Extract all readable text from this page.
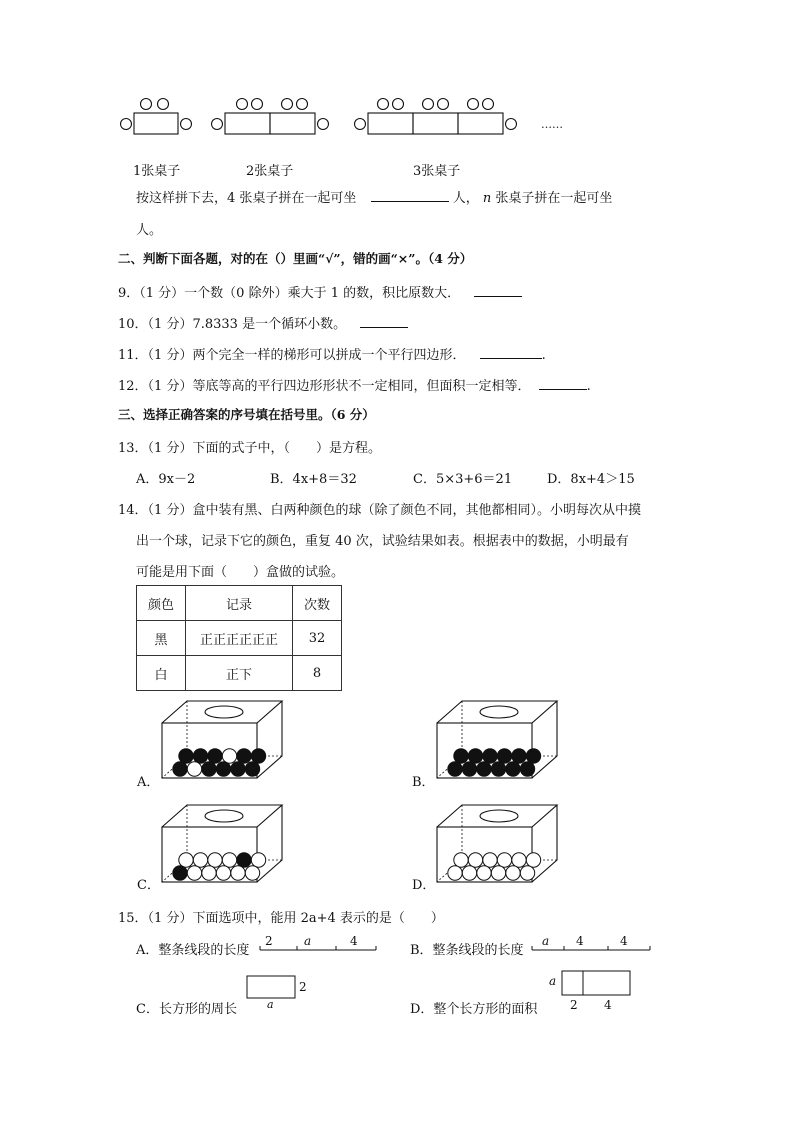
1张桌子	2张桌子	3张桌子
……
按这样拼下去，4 张桌子拼在一起可坐	人， n 张桌子拼在一起可坐
人。
二、判断下面各题，对的在（）里画“√”，错的画“×”。（4 分）
9．（1 分）一个数（0 除外）乘大于 1 的数，积比原数大．
10．（1 分）7.8333 是一个循环小数。
11．（1 分）两个完全一样的梯形可以拼成一个平行四边形．	.
12．（1 分）等底等高的平行四边形形状不一定相同，但面积一定相等．	.
三、选择正确答案的序号填在括号里。（6 分）
13．（1 分）下面的式子中，（　　）是方程。
A．9x－2	B．4x+8＝32	C．5×3+6＝21	D．8x+4＞15
14．（1 分）盒中装有黑、白两种颜色的球（除了颜色不同，其他都相同）。小明每次从中摸
出一个球，记录下它的颜色，重复 40 次，试验结果如表。根据表中的数据，小明最有
可能是用下面（　　）盒做的试验。
颜色	记录	次数
黑	正正正正正正	32
白	正下	8
A．	B．
C．	D．
15．（1 分）下面选项中，能用 2a+4 表示的是（　　）
A．整条线段的长度
2	a	4
B．整条线段的长度
a 4	4
C．长方形的周长
2
a	D．整个长方形的面积
a
2 4
